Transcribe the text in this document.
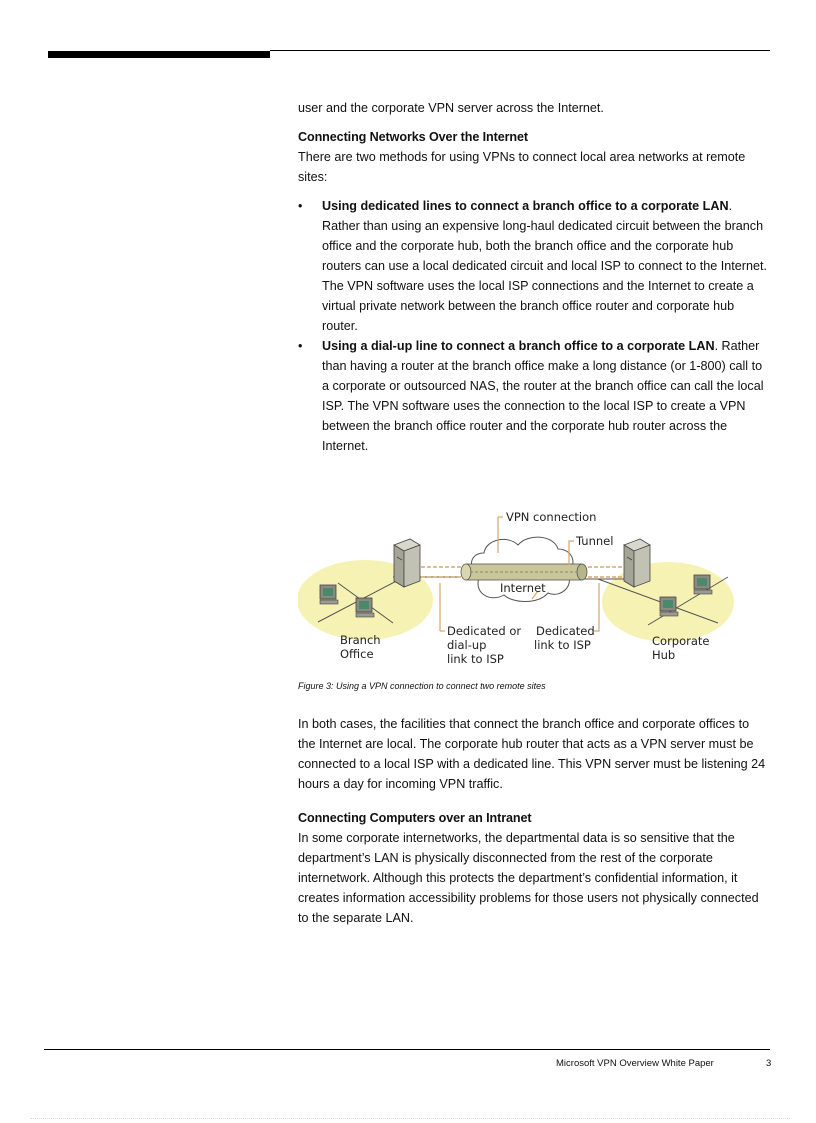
user and the corporate VPN server across the Internet.

Connecting Networks Over the Internet

There are two methods for using VPNs to connect local area networks at remote sites:

• Using dedicated lines to connect a branch office to a corporate LAN. Rather than using an expensive long-haul dedicated circuit between the branch office and the corporate hub, both the branch office and the corporate hub routers can use a local dedicated circuit and local ISP to connect to the Internet. The VPN software uses the local ISP connections and the Internet to create a virtual private network between the branch office router and corporate hub router.
• Using a dial-up line to connect a branch office to a corporate LAN. Rather than having a router at the branch office make a long distance (or 1-800) call to a corporate or outsourced NAS, the router at the branch office can call the local ISP. The VPN software uses the connection to the local ISP to create a VPN between the branch office router and the corporate hub router across the Internet.
VPN connection
Tunnel
Internet
Branch
Office
Dedicated or
dial-up
link to ISP
Dedicated
link to ISP	Corporate
Hub
Figure 3: Using a VPN connection to connect two remote sites

In both cases, the facilities that connect the branch office and corporate offices to the Internet are local. The corporate hub router that acts as a VPN server must be connected to a local ISP with a dedicated line. This VPN server must be listening 24 hours a day for incoming VPN traffic.

Connecting Computers over an Intranet

In some corporate internetworks, the departmental data is so sensitive that the department’s LAN is physically disconnected from the rest of the corporate internetwork. Although this protects the department’s confidential information, it creates information accessibility problems for those users not physically connected to the separate LAN.

Microsoft VPN Overview White Paper	3
